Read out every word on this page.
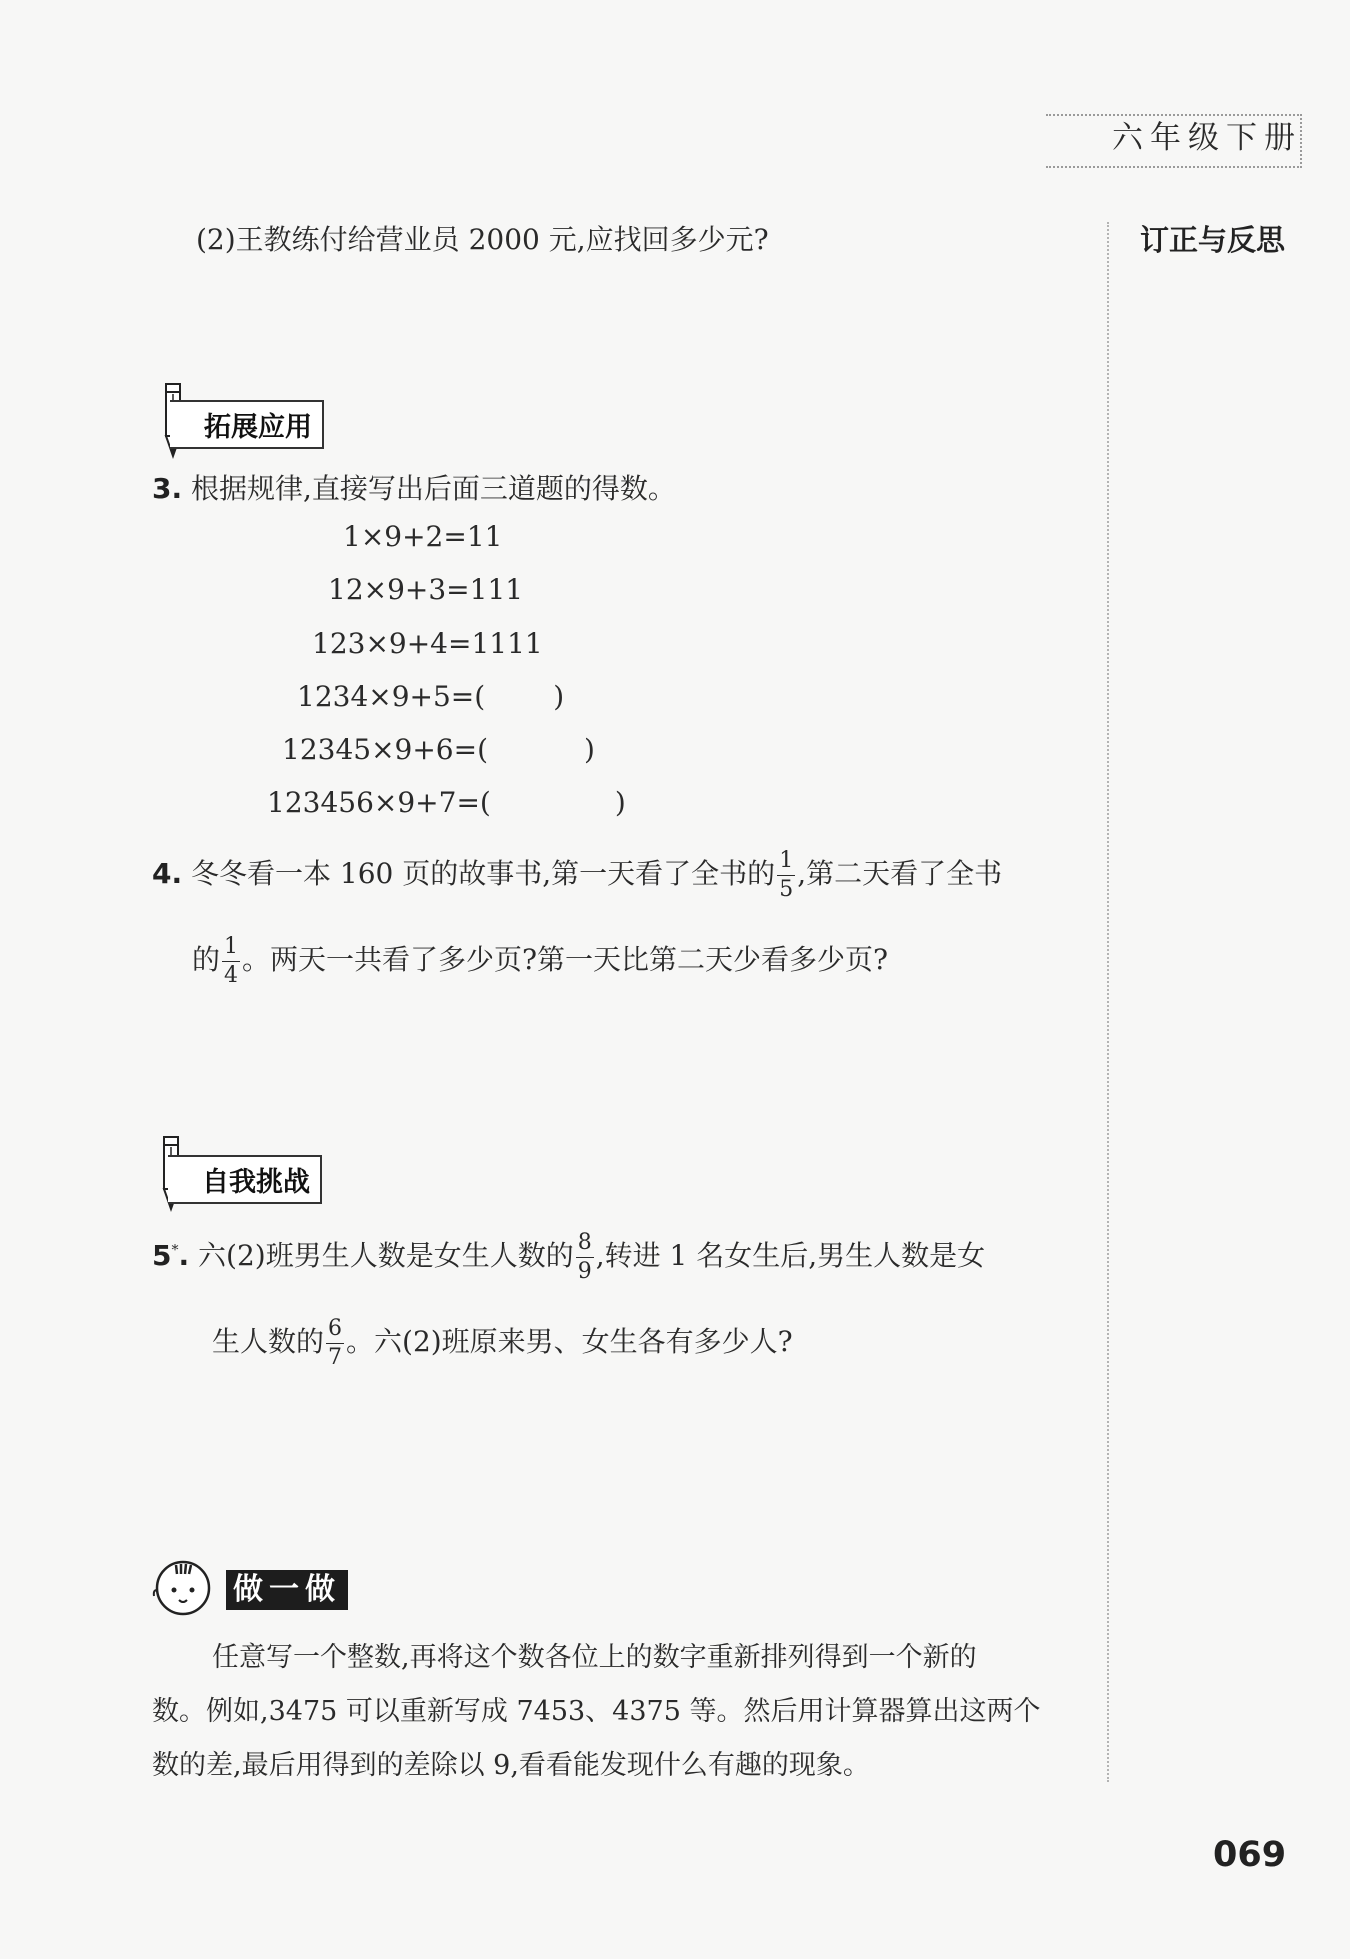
六年级下册
订正与反思
(2)王教练付给营业员 2000 元,应找回多少元?
拓展应用
3. 根据规律,直接写出后面三道题的得数。
1×9+2=11
12×9+3=111
123×9+4=1111
1234×9+5=( )
12345×9+6=(	)
123456×9+7=(	)
4. 冬冬看一本 160 页的故事书,第一天看了全书的 $\frac{1}{5}$ ,第二天看了全书
的 $\frac{1}{4}$ 。两天一共看了多少页?第一天比第二天少看多少页?
自我挑战
5*. 六(2)班男生人数是女生人数的 $\frac{8}{9}$ ,转进 1 名女生后,男生人数是女
生人数的 $\frac{6}{7}$ 。六(2)班原来男、女生各有多少人?
做一做
任意写一个整数,再将这个数各位上的数字重新排列得到一个新的
数。例如,3475 可以重新写成 7453、4375 等。然后用计算器算出这两个
数的差,最后用得到的差除以 9,看看能发现什么有趣的现象。
069
